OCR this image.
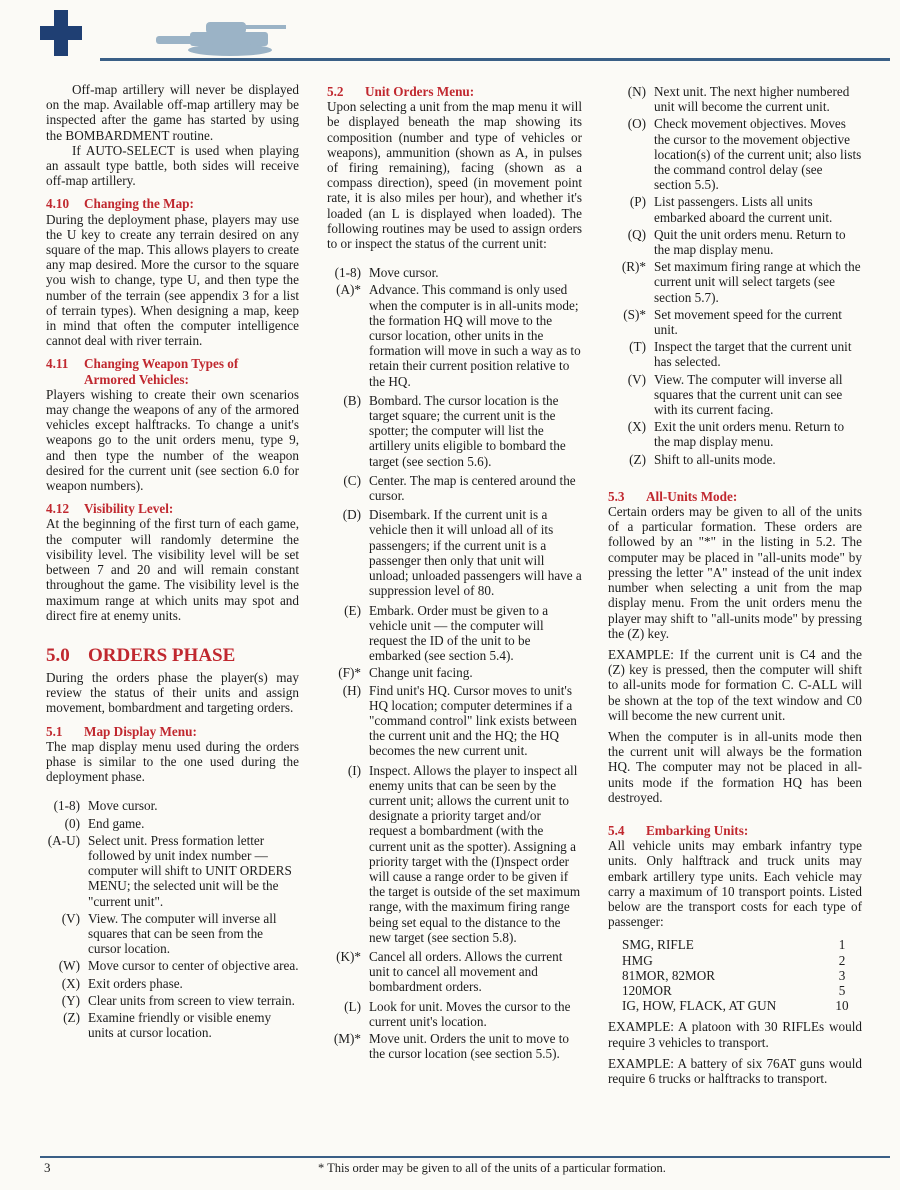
Off-map artillery will never be displayed on the map. Available off-map artillery may be inspected after the game has started by using the BOMBARDMENT routine.

If AUTO-SELECT is used when playing an assault type battle, both sides will receive off-map artillery.

4.10 Changing the Map:

During the deployment phase, players may use the U key to create any terrain desired on any square of the map. This allows players to create any map desired. More the cursor to the square you wish to change, type U, and then type the number of the terrain (see appendix 3 for a list of terrain types). When designing a map, keep in mind that often the computer intelligence cannot deal with river terrain.

4.11 Changing Weapon Types of
Armored Vehicles:

Players wishing to create their own scenarios may change the weapons of any of the armored vehicles except halftracks. To change a unit's weapons go to the unit orders menu, type 9, and then type the number of the weapon desired for the current unit (see section 6.0 for weapon numbers).

4.12 Visibility Level:

At the beginning of the first turn of each game, the computer will randomly determine the visibility level. The visibility level will be set between 7 and 20 and will remain constant throughout the game. The visibility level is the maximum range at which units may spot and direct fire at enemy units.

5.0 ORDERS PHASE

During the orders phase the player(s) may review the status of their units and assign movement, bombardment and targeting orders.

5.1 Map Display Menu:

The map display menu used during the orders phase is similar to the one used during the deployment phase.

(1-8) Move cursor.
(0) End game.
(A-U) Select unit. Press formation letter followed by unit index number — computer will shift to UNIT ORDERS MENU; the selected unit will be the "current unit".
(V) View. The computer will inverse all squares that can be seen from the cursor location.
(W) Move cursor to center of objective area.
(X) Exit orders phase.
(Y) Clear units from screen to view terrain.
(Z) Examine friendly or visible enemy units at cursor location.
5.2 Unit Orders Menu:

Upon selecting a unit from the map menu it will be displayed beneath the map showing its composition (number and type of vehicles or weapons), ammunition (shown as A, in pulses of firing remaining), facing (shown as a compass direction), speed (in movement point rate, it is also miles per hour), and whether it's loaded (an L is displayed when loaded). The following routines may be used to assign orders to or inspect the status of the current unit:

(1-8) Move cursor.
(A)* Advance. This command is only used when the computer is in all-units mode; the formation HQ will move to the cursor location, other units in the formation will move in such a way as to retain their current position relative to the HQ.
(B) Bombard. The cursor location is the target square; the current unit is the spotter; the computer will list the artillery units eligible to bombard the target (see section 5.6).
(C) Center. The map is centered around the cursor.
(D) Disembark. If the current unit is a vehicle then it will unload all of its passengers; if the current unit is a passenger then only that unit will unload; unloaded passengers will have a suppression level of 80.
(E) Embark. Order must be given to a vehicle unit — the computer will request the ID of the unit to be embarked (see section 5.4).
(F)* Change unit facing.
(H) Find unit's HQ. Cursor moves to unit's HQ location; computer determines if a "command control" link exists between the current unit and the HQ; the HQ becomes the new current unit.
(I) Inspect. Allows the player to inspect all enemy units that can be seen by the current unit; allows the current unit to designate a priority target and/or request a bombardment (with the current unit as the spotter). Assigning a priority target with the (I)nspect order will cause a range order to be given if the target is outside of the set maximum range, with the maximum firing range being set equal to the distance to the new target (see section 5.8).
(K)* Cancel all orders. Allows the current unit to cancel all movement and bombardment orders.
(L) Look for unit. Moves the cursor to the current unit's location.
(M)* Move unit. Orders the unit to move to the cursor location (see section 5.5).
(N) Next unit. The next higher numbered unit will become the current unit.
(O) Check movement objectives. Moves the cursor to the movement objective location(s) of the current unit; also lists the command control delay (see section 5.5).
(P) List passengers. Lists all units embarked aboard the current unit.
(Q) Quit the unit orders menu. Return to the map display menu.
(R)* Set maximum firing range at which the current unit will select targets (see section 5.7).
(S)* Set movement speed for the current unit.
(T) Inspect the target that the current unit has selected.
(V) View. The computer will inverse all squares that the current unit can see with its current facing.
(X) Exit the unit orders menu. Return to the map display menu.
(Z) Shift to all-units mode.
5.3 All-Units Mode:

Certain orders may be given to all of the units of a particular formation. These orders are followed by an "*" in the listing in 5.2. The computer may be placed in "all-units mode" by pressing the letter "A" instead of the unit index number when selecting a unit from the map display menu. From the unit orders menu the player may shift to "all-units mode" by pressing the (Z) key.

EXAMPLE: If the current unit is C4 and the (Z) key is pressed, then the computer will shift to all-units mode for formation C. C-ALL will be shown at the top of the text window and C0 will become the new current unit.

When the computer is in all-units mode then the current unit will always be the formation HQ. The computer may not be placed in all-units mode if the formation HQ has been destroyed.

5.4 Embarking Units:

All vehicle units may embark infantry type units. Only halftrack and truck units may embark artillery type units. Each vehicle may carry a maximum of 10 transport points. Listed below are the transport costs for each type of passenger:

SMG, RIFLE	1
HMG	2
81MOR, 82MOR	3
120MOR	5
IG, HOW, FLACK, AT GUN	10

EXAMPLE: A platoon with 30 RIFLEs would require 3 vehicles to transport.

EXAMPLE: A battery of six 76AT guns would require 6 trucks or halftracks to transport.

3	* This order may be given to all of the units of a particular formation.
